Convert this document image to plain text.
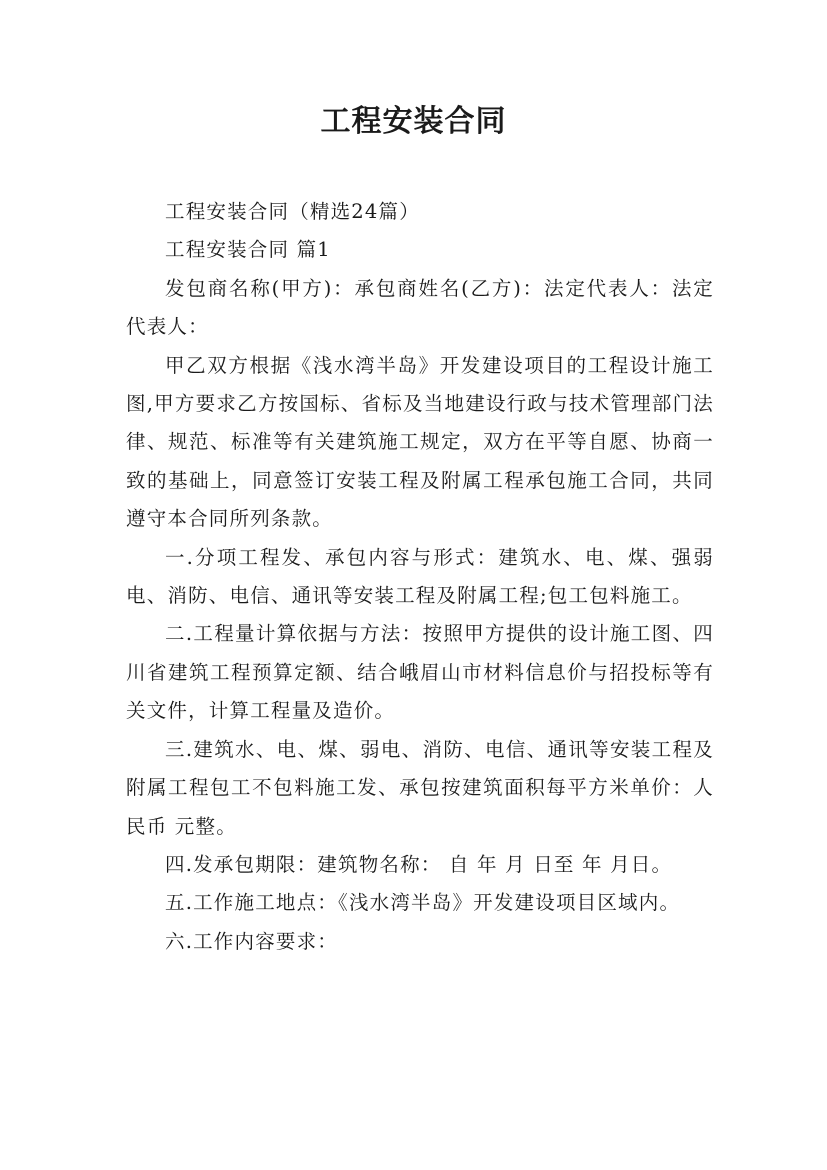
工程安装合同

工程安装合同（精选24篇）

工程安装合同 篇1

发包商名称(甲方)：承包商姓名(乙方)：法定代表人：法定代表人：

甲乙双方根据《浅水湾半岛》开发建设项目的工程设计施工图,甲方要求乙方按国标、省标及当地建设行政与技术管理部门法律、规范、标准等有关建筑施工规定，双方在平等自愿、协商一致的基础上，同意签订安装工程及附属工程承包施工合同，共同遵守本合同所列条款。

一.分项工程发、承包内容与形式：建筑水、电、煤、强弱电、消防、电信、通讯等安装工程及附属工程;包工包料施工。

二.工程量计算依据与方法：按照甲方提供的设计施工图、四川省建筑工程预算定额、结合峨眉山市材料信息价与招投标等有关文件，计算工程量及造价。

三.建筑水、电、煤、弱电、消防、电信、通讯等安装工程及附属工程包工不包料施工发、承包按建筑面积每平方米单价：人民币 元整。

四.发承包期限：建筑物名称： 自 年 月 日至 年 月日。

五.工作施工地点：《浅水湾半岛》开发建设项目区域内。

六.工作内容要求：
